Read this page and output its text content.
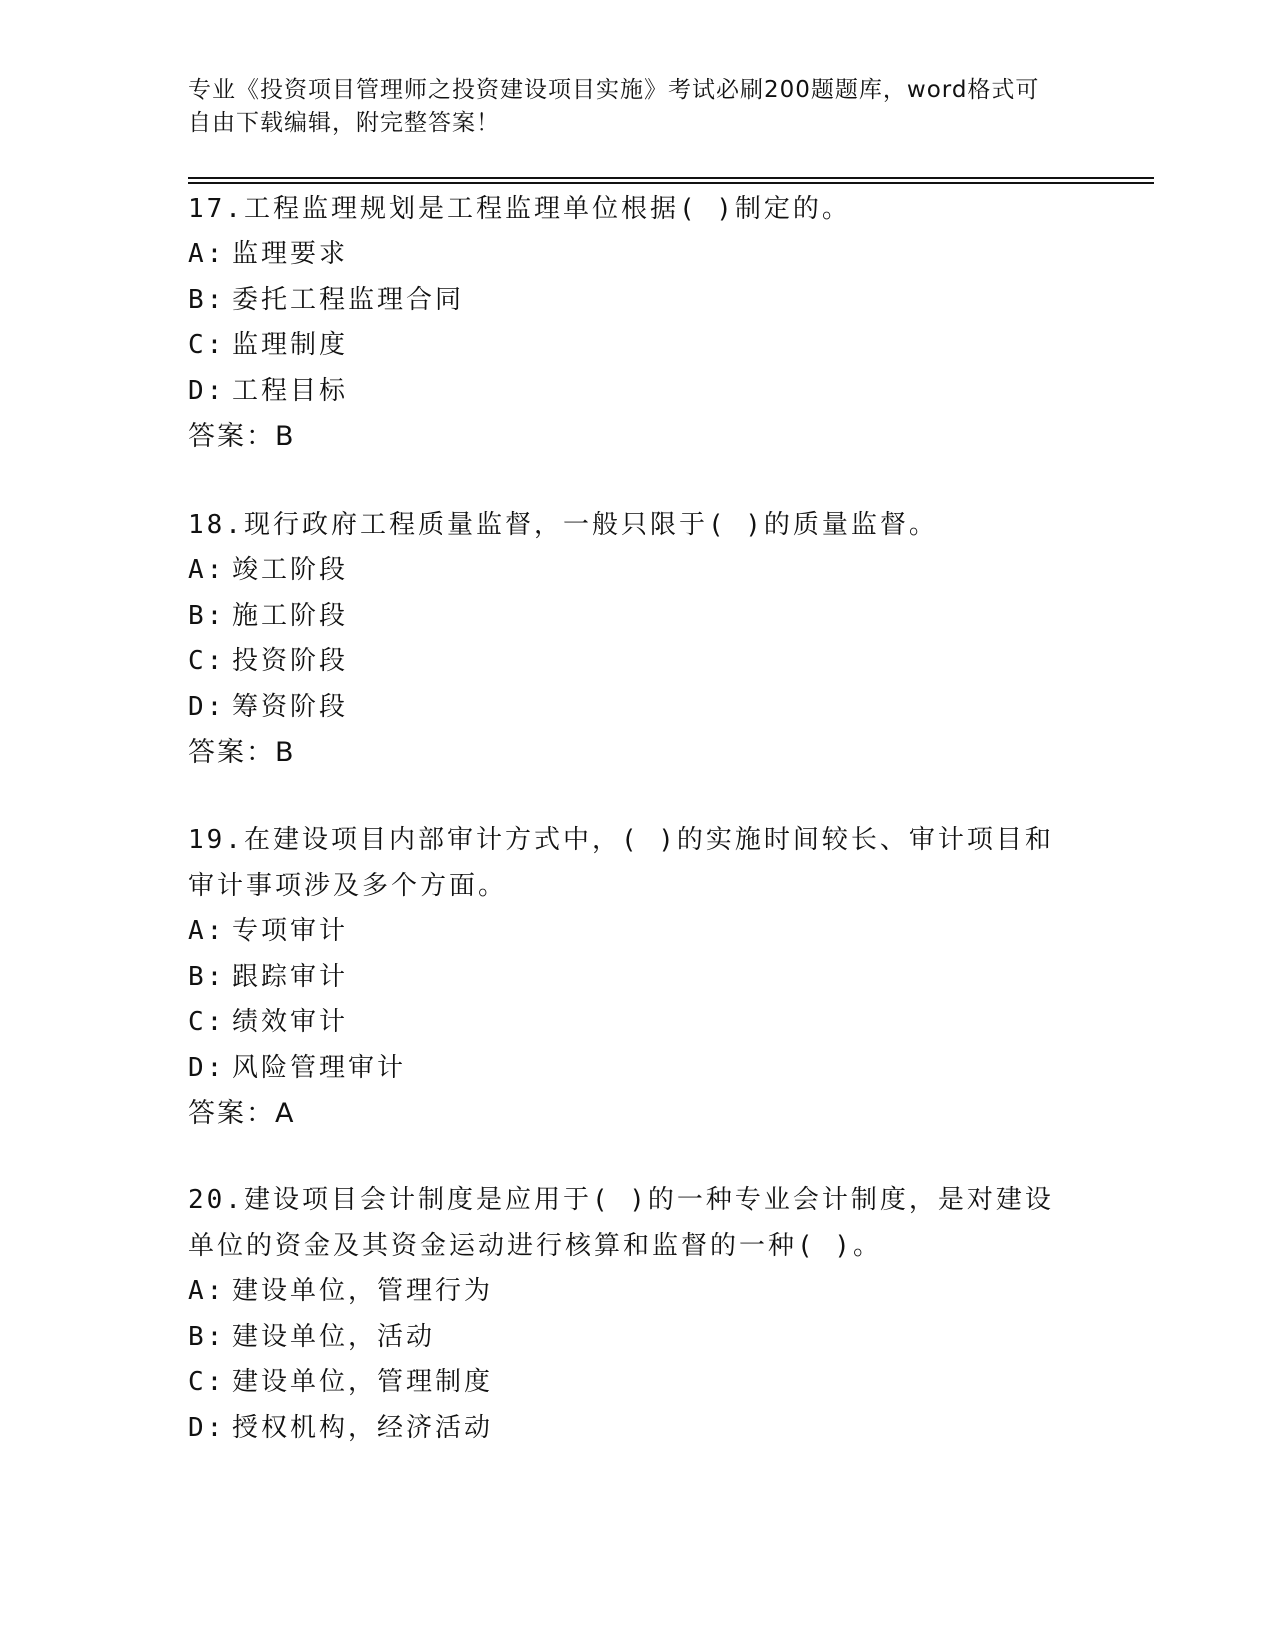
专业《投资项目管理师之投资建设项目实施》考试必刷200题题库，word格式可
自由下载编辑，附完整答案！
17.工程监理规划是工程监理单位根据( )制定的。
A: 监理要求
B: 委托工程监理合同
C: 监理制度
D: 工程目标
答案：B
18.现行政府工程质量监督，一般只限于( )的质量监督。
A: 竣工阶段
B: 施工阶段
C: 投资阶段
D: 筹资阶段
答案：B
19.在建设项目内部审计方式中，( )的实施时间较长、审计项目和
审计事项涉及多个方面。
A: 专项审计
B: 跟踪审计
C: 绩效审计
D: 风险管理审计
答案：A
20.建设项目会计制度是应用于( )的一种专业会计制度，是对建设
单位的资金及其资金运动进行核算和监督的一种( )。
A: 建设单位，管理行为
B: 建设单位，活动
C: 建设单位，管理制度
D: 授权机构，经济活动
